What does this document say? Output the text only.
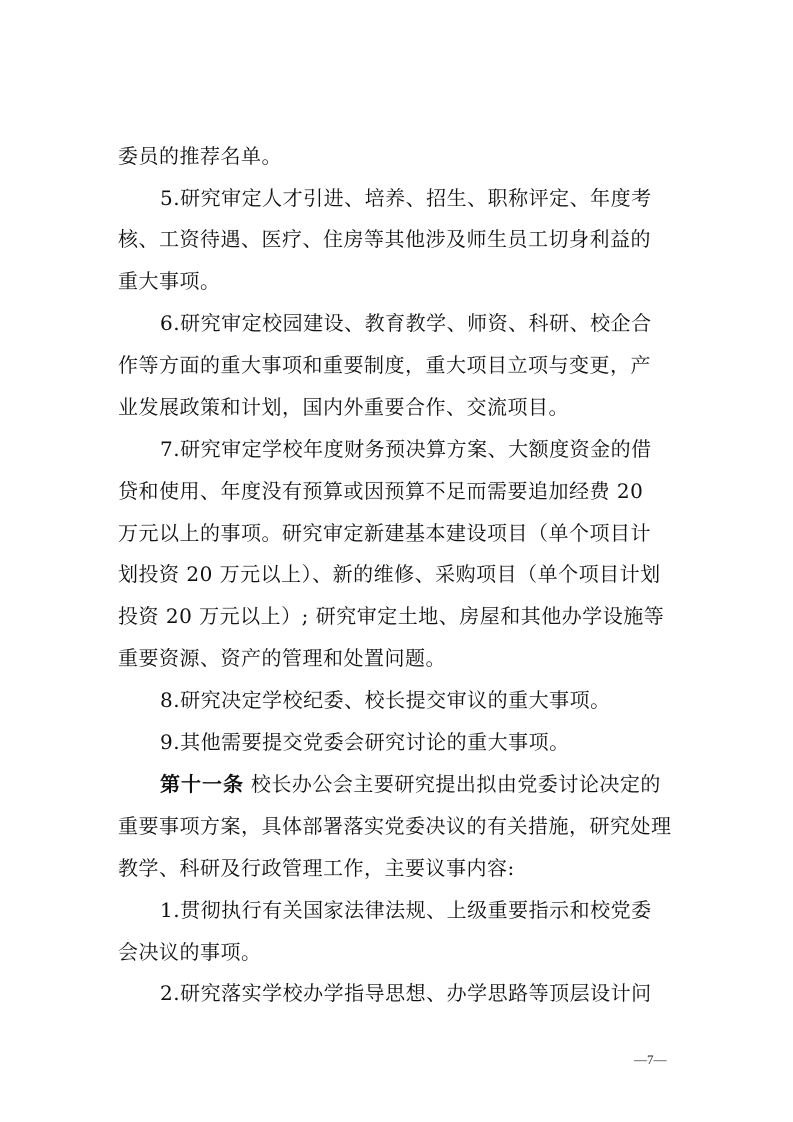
委员的推荐名单。
5.研究审定人才引进、培养、招生、职称评定、年度考
核、工资待遇、医疗、住房等其他涉及师生员工切身利益的
重大事项。
6.研究审定校园建设、教育教学、师资、科研、校企合
作等方面的重大事项和重要制度，重大项目立项与变更，产
业发展政策和计划，国内外重要合作、交流项目。
7.研究审定学校年度财务预决算方案、大额度资金的借
贷和使用、年度没有预算或因预算不足而需要追加经费 20
万元以上的事项。研究审定新建基本建设项目（单个项目计
划投资 20 万元以上）、新的维修、采购项目（单个项目计划
投资 20 万元以上）; 研究审定土地、房屋和其他办学设施等
重要资源、资产的管理和处置问题。
8.研究决定学校纪委、校长提交审议的重大事项。
9.其他需要提交党委会研究讨论的重大事项。
第十一条 校长办公会主要研究提出拟由党委讨论决定的
重要事项方案，具体部署落实党委决议的有关措施，研究处理
教学、科研及行政管理工作，主要议事内容:
1.贯彻执行有关国家法律法规、上级重要指示和校党委
会决议的事项。
2.研究落实学校办学指导思想、办学思路等顶层设计问
—7—
